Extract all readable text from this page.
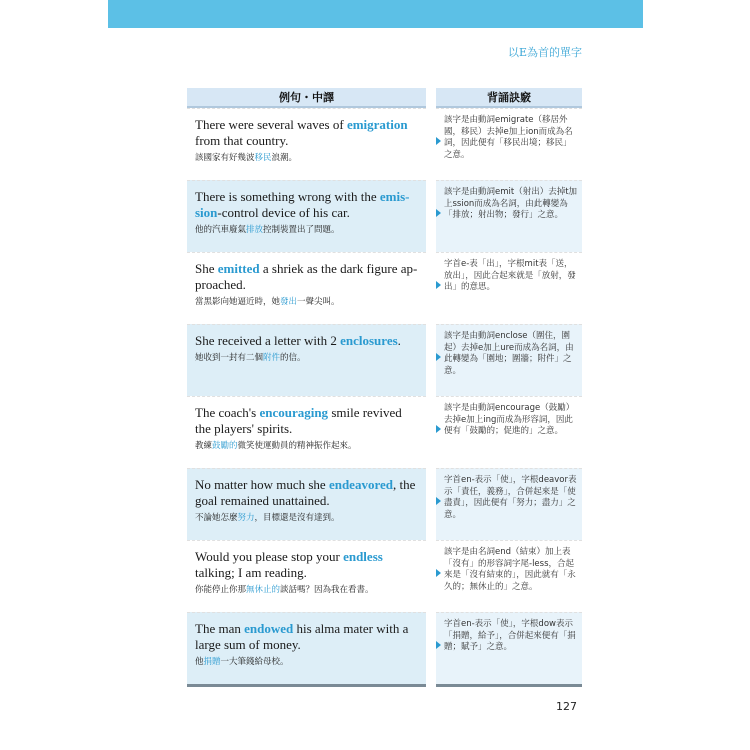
以E為首的單字
例句・中譯	背誦訣竅

There were several waves of emigration from that country.

該國家有好幾波移民浪潮。
該字是由動詞emigrate（移居外國，移民）去掉e加上ion而成為名詞，因此便有「移民出境；移民」之意。

There is something wrong with the emis-sion-control device of his car.

他的汽車廢氣排放控制裝置出了問題。
該字是由動詞emit（射出）去掉t加上ssion而成為名詞，由此轉變為「排放；射出物；發行」之意。

She emitted a shriek as the dark figure ap-proached.

當黑影向她逼近時，她發出一聲尖叫。
字首e-表「出」，字根mit表「送，放出」，因此合起來就是「放射，發出」的意思。

She received a letter with 2 enclosures.

她收到一封有二個附件的信。
該字是由動詞enclose（圍住，圍起）去掉e加上ure而成為名詞，由此轉變為「圍地；圍牆；附件」之意。

The coach's encouraging smile revived the players' spirits.

教練鼓勵的微笑使運動員的精神振作起來。
該字是由動詞encourage（鼓勵）去掉e加上ing而成為形容詞，因此便有「鼓勵的；促進的」之意。

No matter how much she endeavored, the goal remained unattained.

不論她怎麼努力，目標還是沒有達到。
字首en-表示「使」，字根deavor表示「責任，義務」，合併起來是「使盡責」，因此便有「努力；盡力」之意。

Would you please stop your endless talking; I am reading.

你能停止你那無休止的談話嗎？因為我在看書。
該字是由名詞end（結束）加上表「沒有」的形容詞字尾-less，合起來是「沒有結束的」，因此就有「永久的；無休止的」之意。

The man endowed his alma mater with a large sum of money.

他捐贈一大筆錢給母校。
字首en-表示「使」，字根dow表示「捐贈，給予」，合併起來便有「捐贈；賦予」之意。
127
